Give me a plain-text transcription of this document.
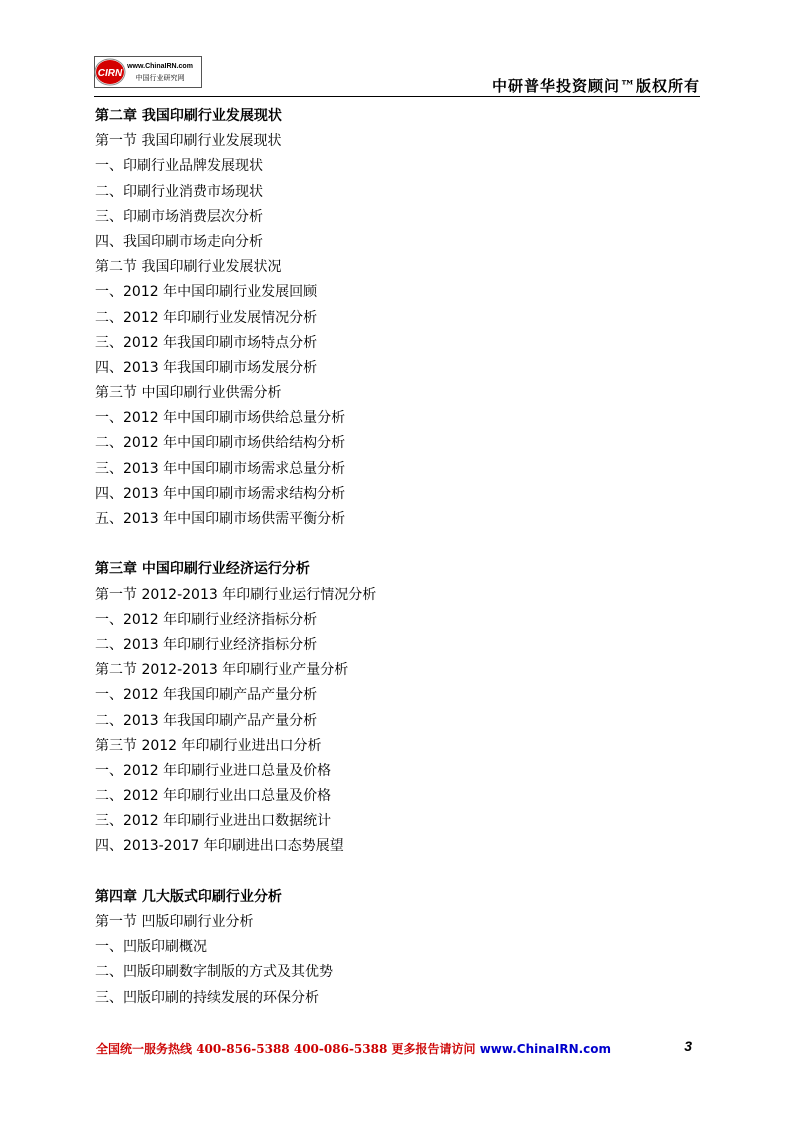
CIRN
www.ChinaIRN.com
中国行业研究网	中研普华投资顾问™版权所有
第二章 我国印刷行业发展现状
第一节 我国印刷行业发展现状
一、印刷行业品牌发展现状
二、印刷行业消费市场现状
三、印刷市场消费层次分析
四、我国印刷市场走向分析
第二节 我国印刷行业发展状况
一、2012 年中国印刷行业发展回顾
二、2012 年印刷行业发展情况分析
三、2012 年我国印刷市场特点分析
四、2013 年我国印刷市场发展分析
第三节 中国印刷行业供需分析
一、2012 年中国印刷市场供给总量分析
二、2012 年中国印刷市场供给结构分析
三、2013 年中国印刷市场需求总量分析
四、2013 年中国印刷市场需求结构分析
五、2013 年中国印刷市场供需平衡分析
第三章 中国印刷行业经济运行分析
第一节 2012-2013 年印刷行业运行情况分析
一、2012 年印刷行业经济指标分析
二、2013 年印刷行业经济指标分析
第二节 2012-2013 年印刷行业产量分析
一、2012 年我国印刷产品产量分析
二、2013 年我国印刷产品产量分析
第三节 2012 年印刷行业进出口分析
一、2012 年印刷行业进口总量及价格
二、2012 年印刷行业出口总量及价格
三、2012 年印刷行业进出口数据统计
四、2013-2017 年印刷进出口态势展望
第四章 几大版式印刷行业分析
第一节 凹版印刷行业分析
一、凹版印刷概况
二、凹版印刷数字制版的方式及其优势
三、凹版印刷的持续发展的环保分析
全国统一服务热线 400-856-5388 400-086-5388 更多报告请访问 www.ChinaIRN.com	3
